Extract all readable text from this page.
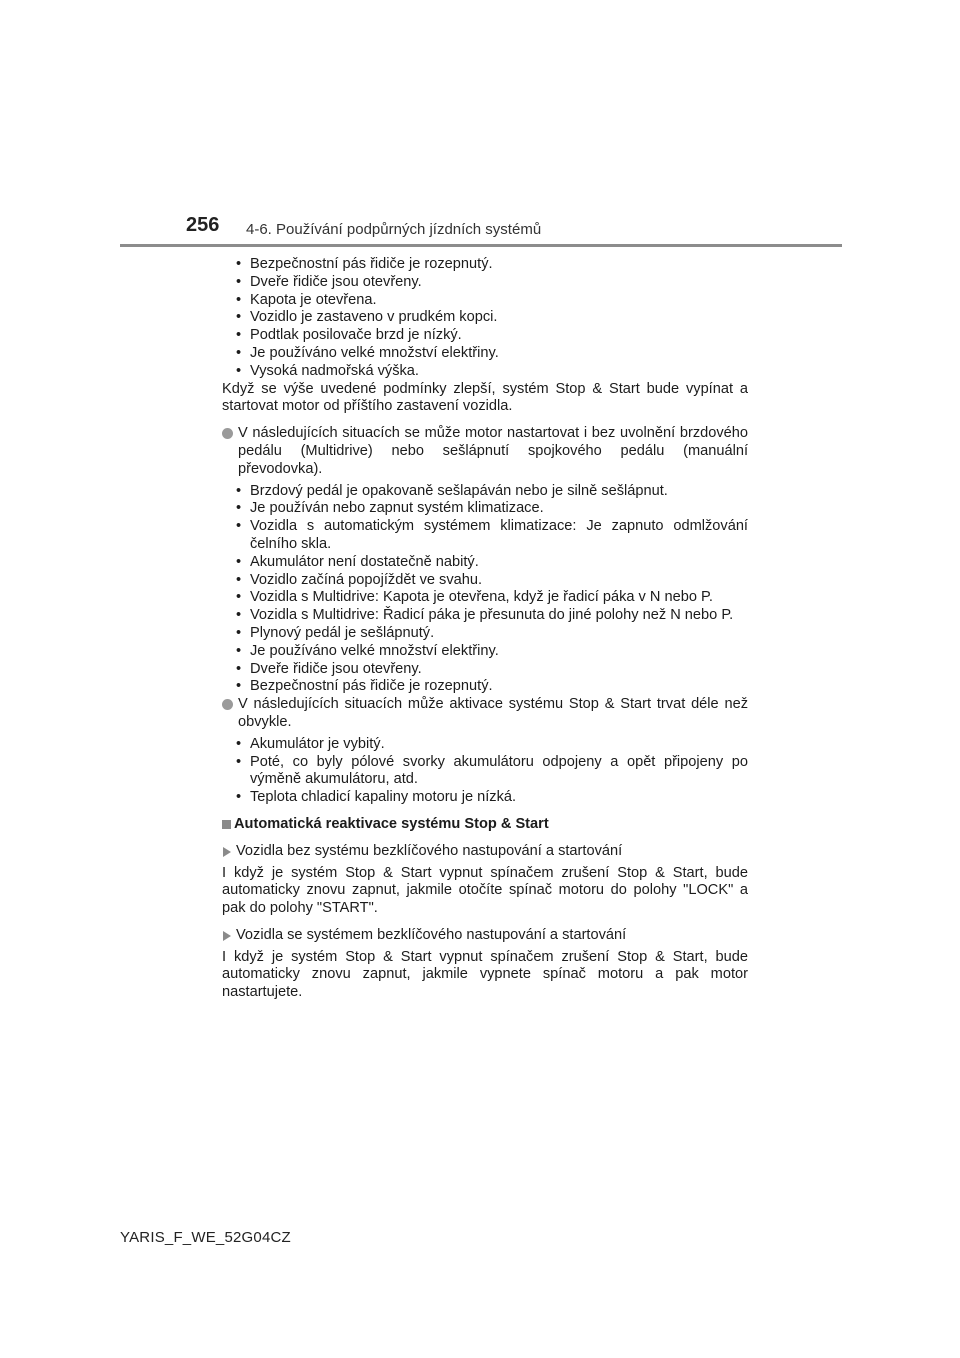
256 4-6. Používání podpůrných jízdních systémů
• Bezpečnostní pás řidiče je rozepnutý.
• Dveře řidiče jsou otevřeny.
• Kapota je otevřena.
• Vozidlo je zastaveno v prudkém kopci.
• Podtlak posilovače brzd je nízký.
• Je používáno velké množství elektřiny.
• Vysoká nadmořská výška.

Když se výše uvedené podmínky zlepší, systém Stop & Start bude vypínat a startovat motor od příštího zastavení vozidla.

V následujících situacích se může motor nastartovat i bez uvolnění brzdového pedálu (Multidrive) nebo sešlápnutí spojkového pedálu (manuální převodovka).
• Brzdový pedál je opakovaně sešlapáván nebo je silně sešlápnut.
• Je používán nebo zapnut systém klimatizace.
• Vozidla s automatickým systémem klimatizace: Je zapnuto odmlžování čelního skla.
• Akumulátor není dostatečně nabitý.
• Vozidlo začíná popojíždět ve svahu.
• Vozidla s Multidrive: Kapota je otevřena, když je řadicí páka v N nebo P.
• Vozidla s Multidrive: Řadicí páka je přesunuta do jiné polohy než N nebo P.
• Plynový pedál je sešlápnutý.
• Je používáno velké množství elektřiny.
• Dveře řidiče jsou otevřeny.
• Bezpečnostní pás řidiče je rozepnutý.
V následujících situacích může aktivace systému Stop & Start trvat déle než obvykle.
• Akumulátor je vybitý.
• Poté, co byly pólové svorky akumulátoru odpojeny a opět připojeny po výměně akumulátoru, atd.
• Teplota chladicí kapaliny motoru je nízká.
Automatická reaktivace systému Stop & Start
Vozidla bez systému bezklíčového nastupování a startování

I když je systém Stop & Start vypnut spínačem zrušení Stop & Start, bude automaticky znovu zapnut, jakmile otočíte spínač motoru do polohy "LOCK" a pak do polohy "START".

Vozidla se systémem bezklíčového nastupování a startování

I když je systém Stop & Start vypnut spínačem zrušení Stop & Start, bude automaticky znovu zapnut, jakmile vypnete spínač motoru a pak motor nastartujete.

YARIS_F_WE_52G04CZ
